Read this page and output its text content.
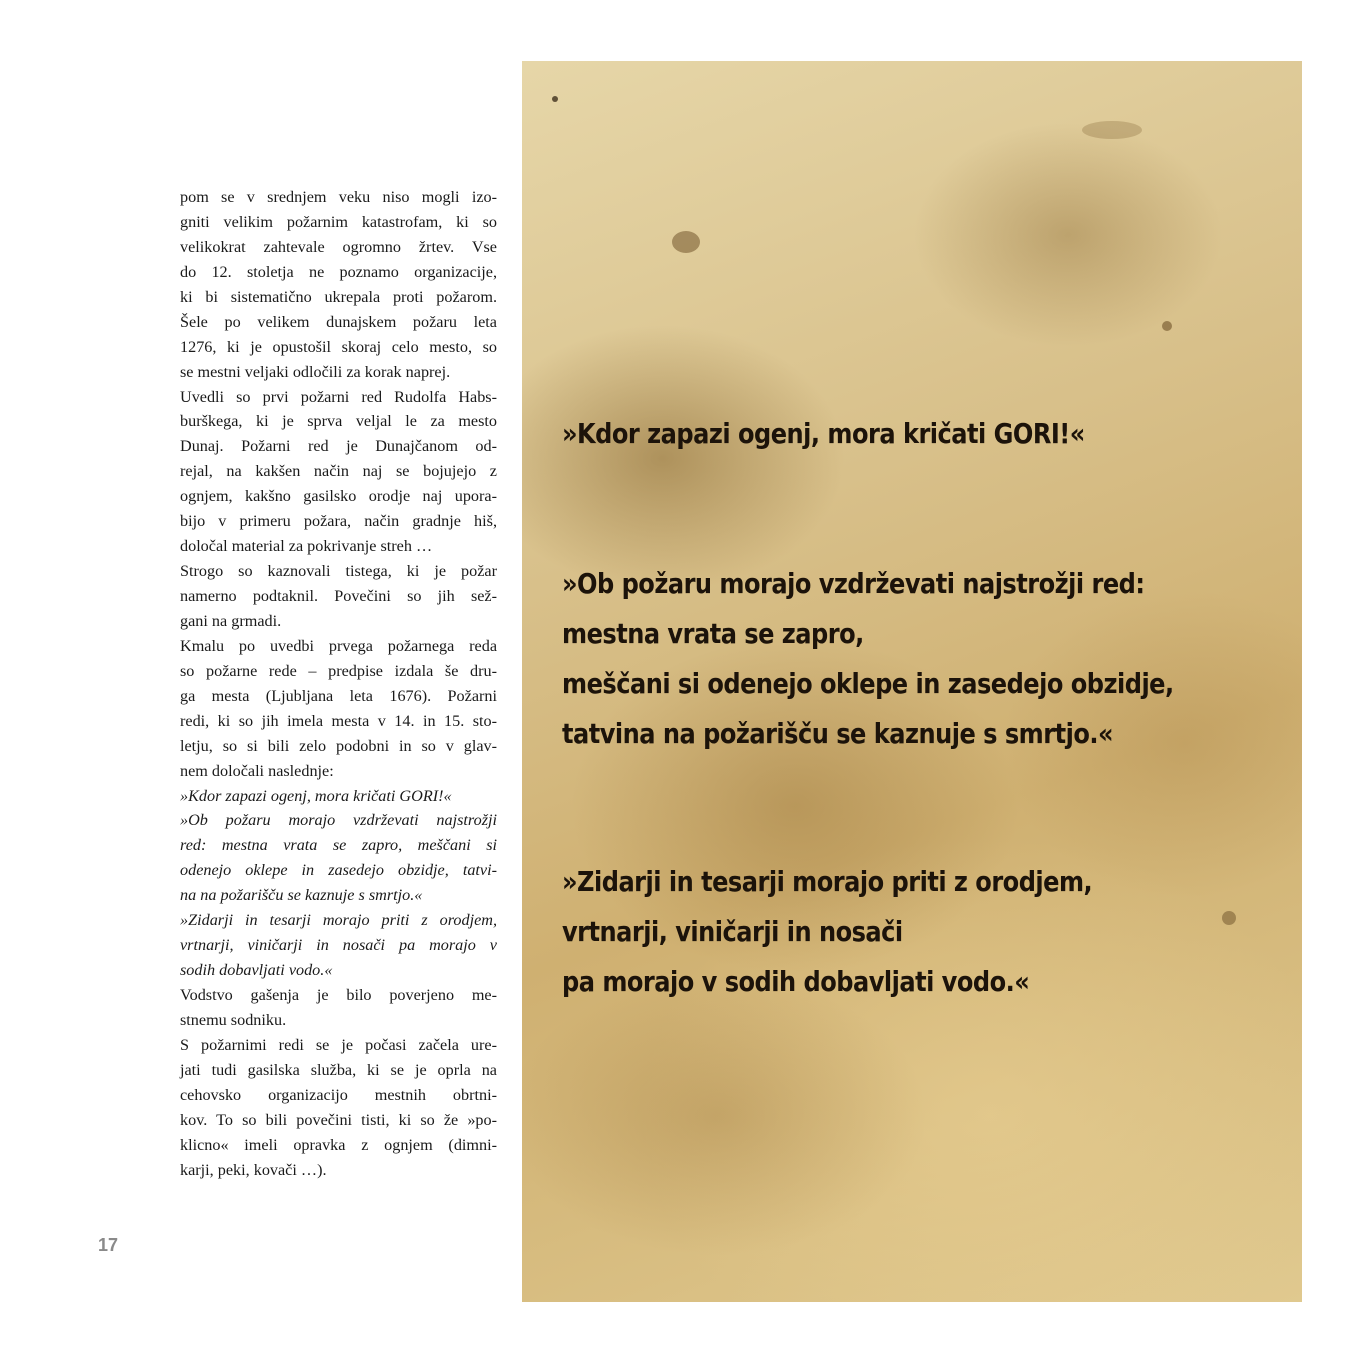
pom se v srednjem veku niso mogli izo-
gniti velikim požarnim katastrofam, ki so
velikokrat zahtevale ogromno žrtev. Vse
do 12. stoletja ne poznamo organizacije,
ki bi sistematično ukrepala proti požarom.
Šele po velikem dunajskem požaru leta
1276, ki je opustošil skoraj celo mesto, so
se mestni veljaki odločili za korak naprej.
Uvedli so prvi požarni red Rudolfa Habs-
burškega, ki je sprva veljal le za mesto
Dunaj. Požarni red je Dunajčanom od-
rejal, na kakšen način naj se bojujejo z
ognjem, kakšno gasilsko orodje naj upora-
bijo v primeru požara, način gradnje hiš,
določal material za pokrivanje streh …
Strogo so kaznovali tistega, ki je požar
namerno podtaknil. Povečini so jih sež-
gani na grmadi.
Kmalu po uvedbi prvega požarnega reda
so požarne rede – predpise izdala še dru-
ga mesta (Ljubljana leta 1676). Požarni
redi, ki so jih imela mesta v 14. in 15. sto-
letju, so si bili zelo podobni in so v glav-
nem določali naslednje:
»Kdor zapazi ogenj, mora kričati GORI!«
»Ob požaru morajo vzdrževati najstrožji
red: mestna vrata se zapro, meščani si
odenejo oklepe in zasedejo obzidje, tatvi-
na na požarišču se kaznuje s smrtjo.«
»Zidarji in tesarji morajo priti z orodjem,
vrtnarji, viničarji in nosači pa morajo v
sodih dobavljati vodo.«
Vodstvo gašenja je bilo poverjeno me-
stnemu sodniku.
S požarnimi redi se je počasi začela ure-
jati tudi gasilska služba, ki se je oprla na
cehovsko organizacijo mestnih obrtni-
kov. To so bili povečini tisti, ki so že »po-
klicno« imeli opravka z ognjem (dimni-
karji, peki, kovači …).
17
»Kdor zapazi ogenj, mora kričati GORI!«
»Ob požaru morajo vzdrževati najstrožji red:
mestna vrata se zapro,
meščani si odenejo oklepe in zasedejo obzidje,
tatvina na požarišču se kaznuje s smrtjo.«
»Zidarji in tesarji morajo priti z orodjem,
vrtnarji, viničarji in nosači
pa morajo v sodih dobavljati vodo.«
